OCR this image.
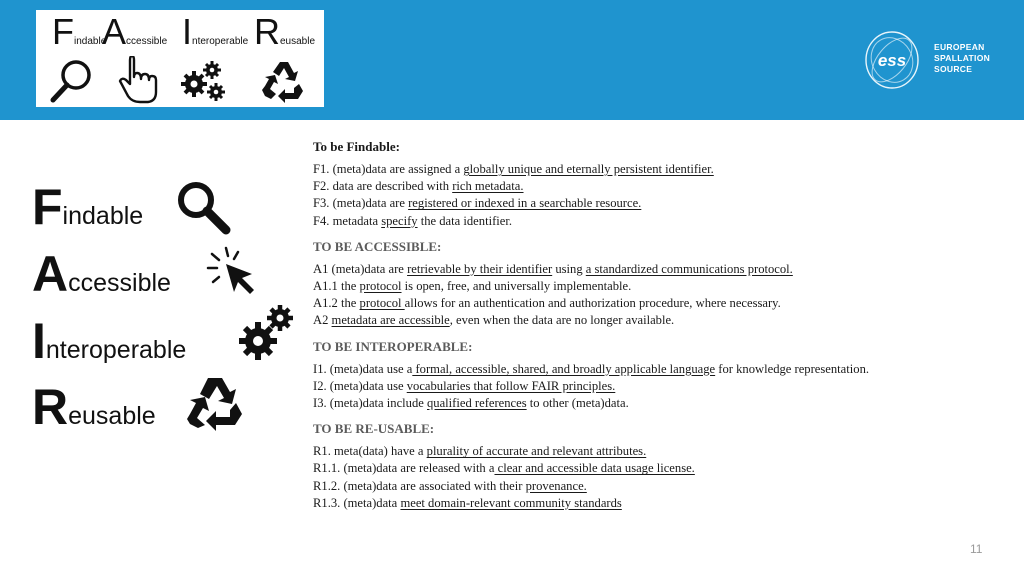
Findable
Accessible Interoperable Reusable
ess
EUROPEAN
SPALLATION
SOURCE
Findable
Accessible
Interoperable
Reusable
To be Findable:
F1. (meta)data are assigned a globally unique and eternally persistent identifier.
F2. data are described with rich metadata.
F3. (meta)data are registered or indexed in a searchable resource.
F4. metadata specify the data identifier.
TO BE ACCESSIBLE:
A1 (meta)data are retrievable by their identifier using a standardized communications protocol.
A1.1 the protocol is open, free, and universally implementable.
A1.2 the protocol allows for an authentication and authorization procedure, where necessary.
A2 metadata are accessible, even when the data are no longer available.
TO BE INTEROPERABLE:
I1. (meta)data use a formal, accessible, shared, and broadly applicable language for knowledge representation.
I2. (meta)data use vocabularies that follow FAIR principles.
I3. (meta)data include qualified references to other (meta)data.
TO BE RE-USABLE:
R1. meta(data) have a plurality of accurate and relevant attributes.
R1.1. (meta)data are released with a clear and accessible data usage license.
R1.2. (meta)data are associated with their provenance.
R1.3. (meta)data meet domain-relevant community standards
11
